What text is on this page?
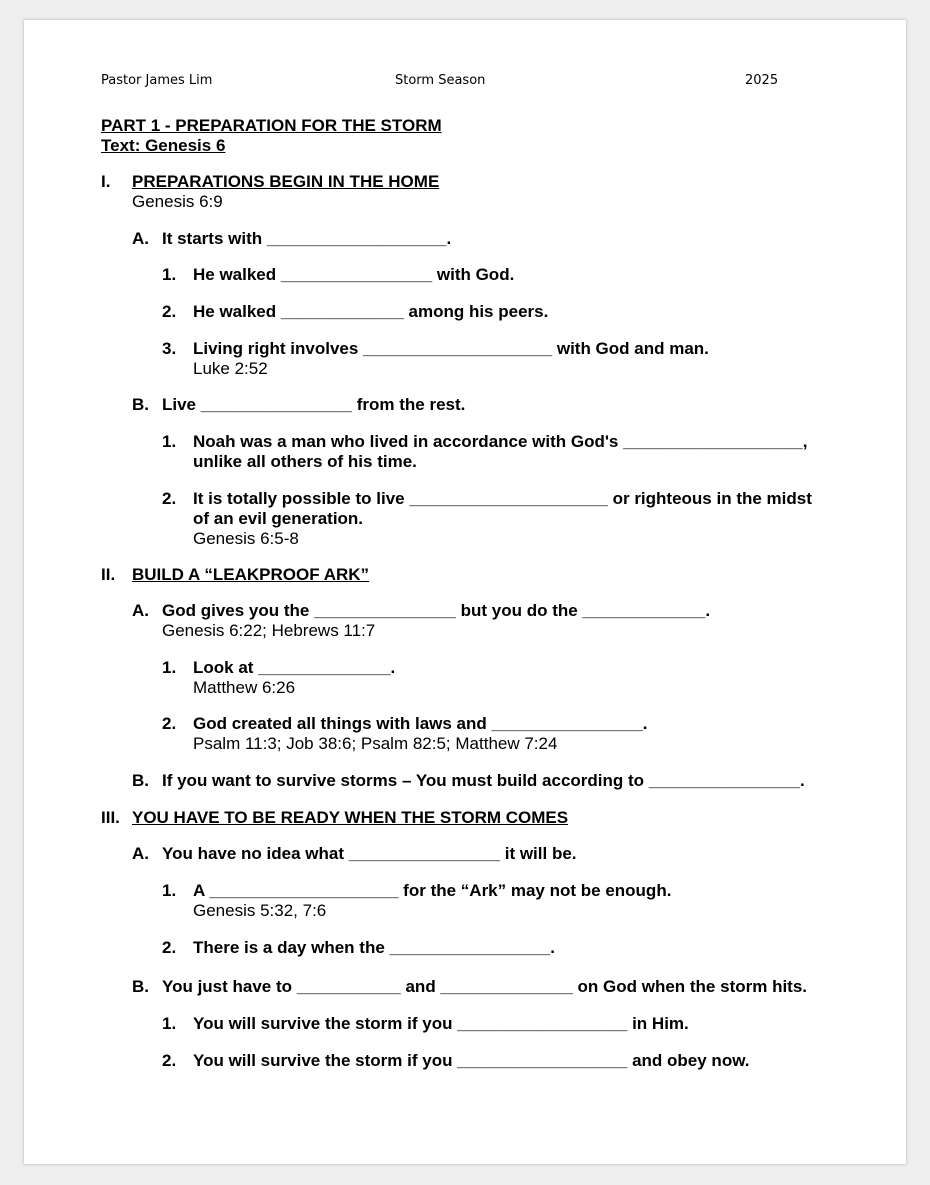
Pastor James Lim	Storm Season	2025
PART 1 - PREPARATION FOR THE STORM
Text: Genesis 6
I. PREPARATIONS BEGIN IN THE HOME
Genesis 6:9
A. It starts with ___________________.
1. He walked ________________ with God.
2. He walked _____________ among his peers.
3. Living right involves ____________________ with God and man.
Luke 2:52
B. Live ________________ from the rest.
1. Noah was a man who lived in accordance with God's ___________________,
unlike all others of his time.
2. It is totally possible to live _____________________ or righteous in the midst
of an evil generation.
Genesis 6:5-8
II. BUILD A “LEAKPROOF ARK”
A. God gives you the _______________ but you do the _____________.
Genesis 6:22; Hebrews 11:7
1. Look at ______________.
Matthew 6:26
2. God created all things with laws and ________________.
Psalm 11:3; Job 38:6; Psalm 82:5; Matthew 7:24
B. If you want to survive storms – You must build according to ________________.
III. YOU HAVE TO BE READY WHEN THE STORM COMES
A. You have no idea what ________________ it will be.
1. A ____________________ for the “Ark” may not be enough.
Genesis 5:32, 7:6
2. There is a day when the _________________.
B. You just have to ___________ and ______________ on God when the storm hits.
1. You will survive the storm if you __________________ in Him.
2. You will survive the storm if you __________________ and obey now.
